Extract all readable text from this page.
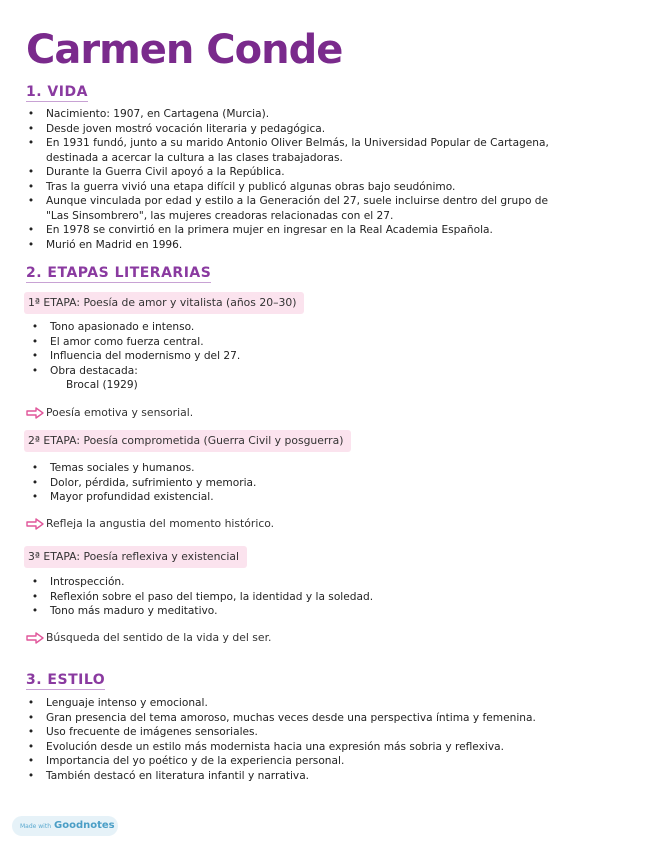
Carmen Conde
1. VIDA
• Nacimiento: 1907, en Cartagena (Murcia).
• Desde joven mostró vocación literaria y pedagógica.
• En 1931 fundó, junto a su marido Antonio Oliver Belmás, la Universidad Popular de Cartagena,
destinada a acercar la cultura a las clases trabajadoras.
• Durante la Guerra Civil apoyó a la República.
• Tras la guerra vivió una etapa difícil y publicó algunas obras bajo seudónimo.
• Aunque vinculada por edad y estilo a la Generación del 27, suele incluirse dentro del grupo de
"Las Sinsombrero", las mujeres creadoras relacionadas con el 27.
• En 1978 se convirtió en la primera mujer en ingresar en la Real Academia Española.
• Murió en Madrid en 1996.
2. ETAPAS LITERARIAS
1ª ETAPA: Poesía de amor y vitalista (años 20–30)
• Tono apasionado e intenso.
• El amor como fuerza central.
• Influencia del modernismo y del 27.
• Obra destacada:
Brocal (1929)
Poesía emotiva y sensorial.
2ª ETAPA: Poesía comprometida (Guerra Civil y posguerra)
• Temas sociales y humanos.
• Dolor, pérdida, sufrimiento y memoria.
• Mayor profundidad existencial.
Refleja la angustia del momento histórico.
3ª ETAPA: Poesía reflexiva y existencial
• Introspección.
• Reflexión sobre el paso del tiempo, la identidad y la soledad.
• Tono más maduro y meditativo.
Búsqueda del sentido de la vida y del ser.
3. ESTILO
• Lenguaje intenso y emocional.
• Gran presencia del tema amoroso, muchas veces desde una perspectiva íntima y femenina.
• Uso frecuente de imágenes sensoriales.
• Evolución desde un estilo más modernista hacia una expresión más sobria y reflexiva.
• Importancia del yo poético y de la experiencia personal.
• También destacó en literatura infantil y narrativa.
Made with Goodnotes
